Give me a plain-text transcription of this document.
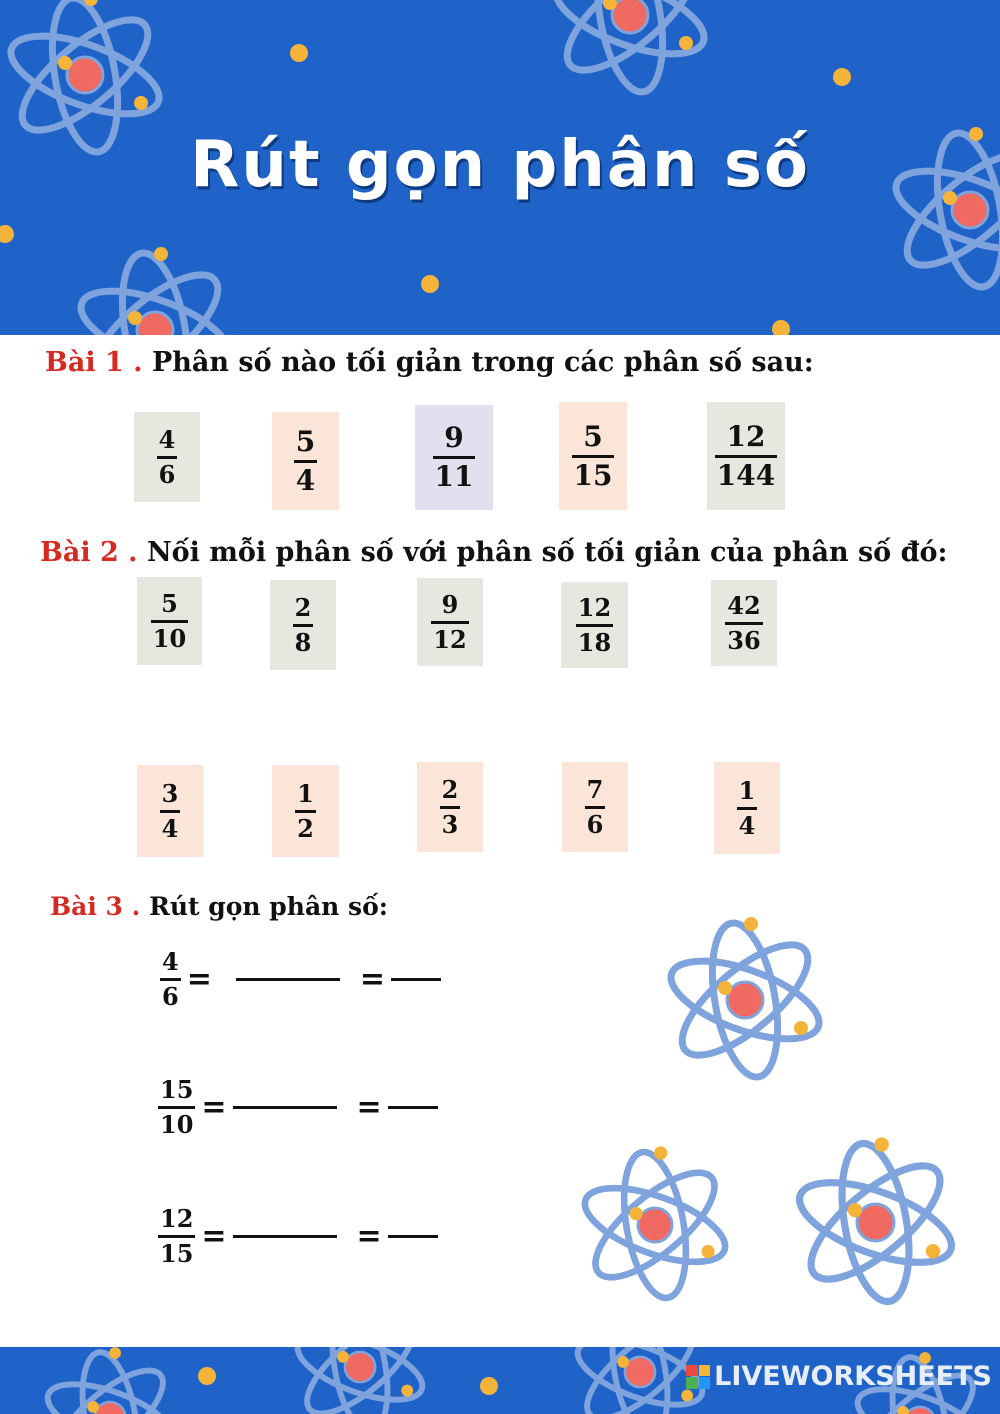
Rút gọn phân số
Bài 1 . Phân số nào tối giản trong các phân số sau:
$\frac{4}{6}$	$\frac{5}{4}$	$\frac{9}{11}$	$\frac{5}{15}$	$\frac{12}{144}$
Bài 2 . Nối mỗi phân số với phân số tối giản của phân số đó:
$\frac{5}{10}$	$\frac{2}{8}$	$\frac{9}{12}$	$\frac{12}{18}$	$\frac{42}{36}$
$\frac{3}{4}$	$\frac{1}{2}$	$\frac{2}{3}$	$\frac{7}{6}$	$\frac{1}{4}$
Bài 3 . Rút gọn phân số:
$\frac{4}{6}$ =	=
$\frac{15}{10}$ =	=
$\frac{12}{15}$ =	=
LIVEWORKSHEETS
